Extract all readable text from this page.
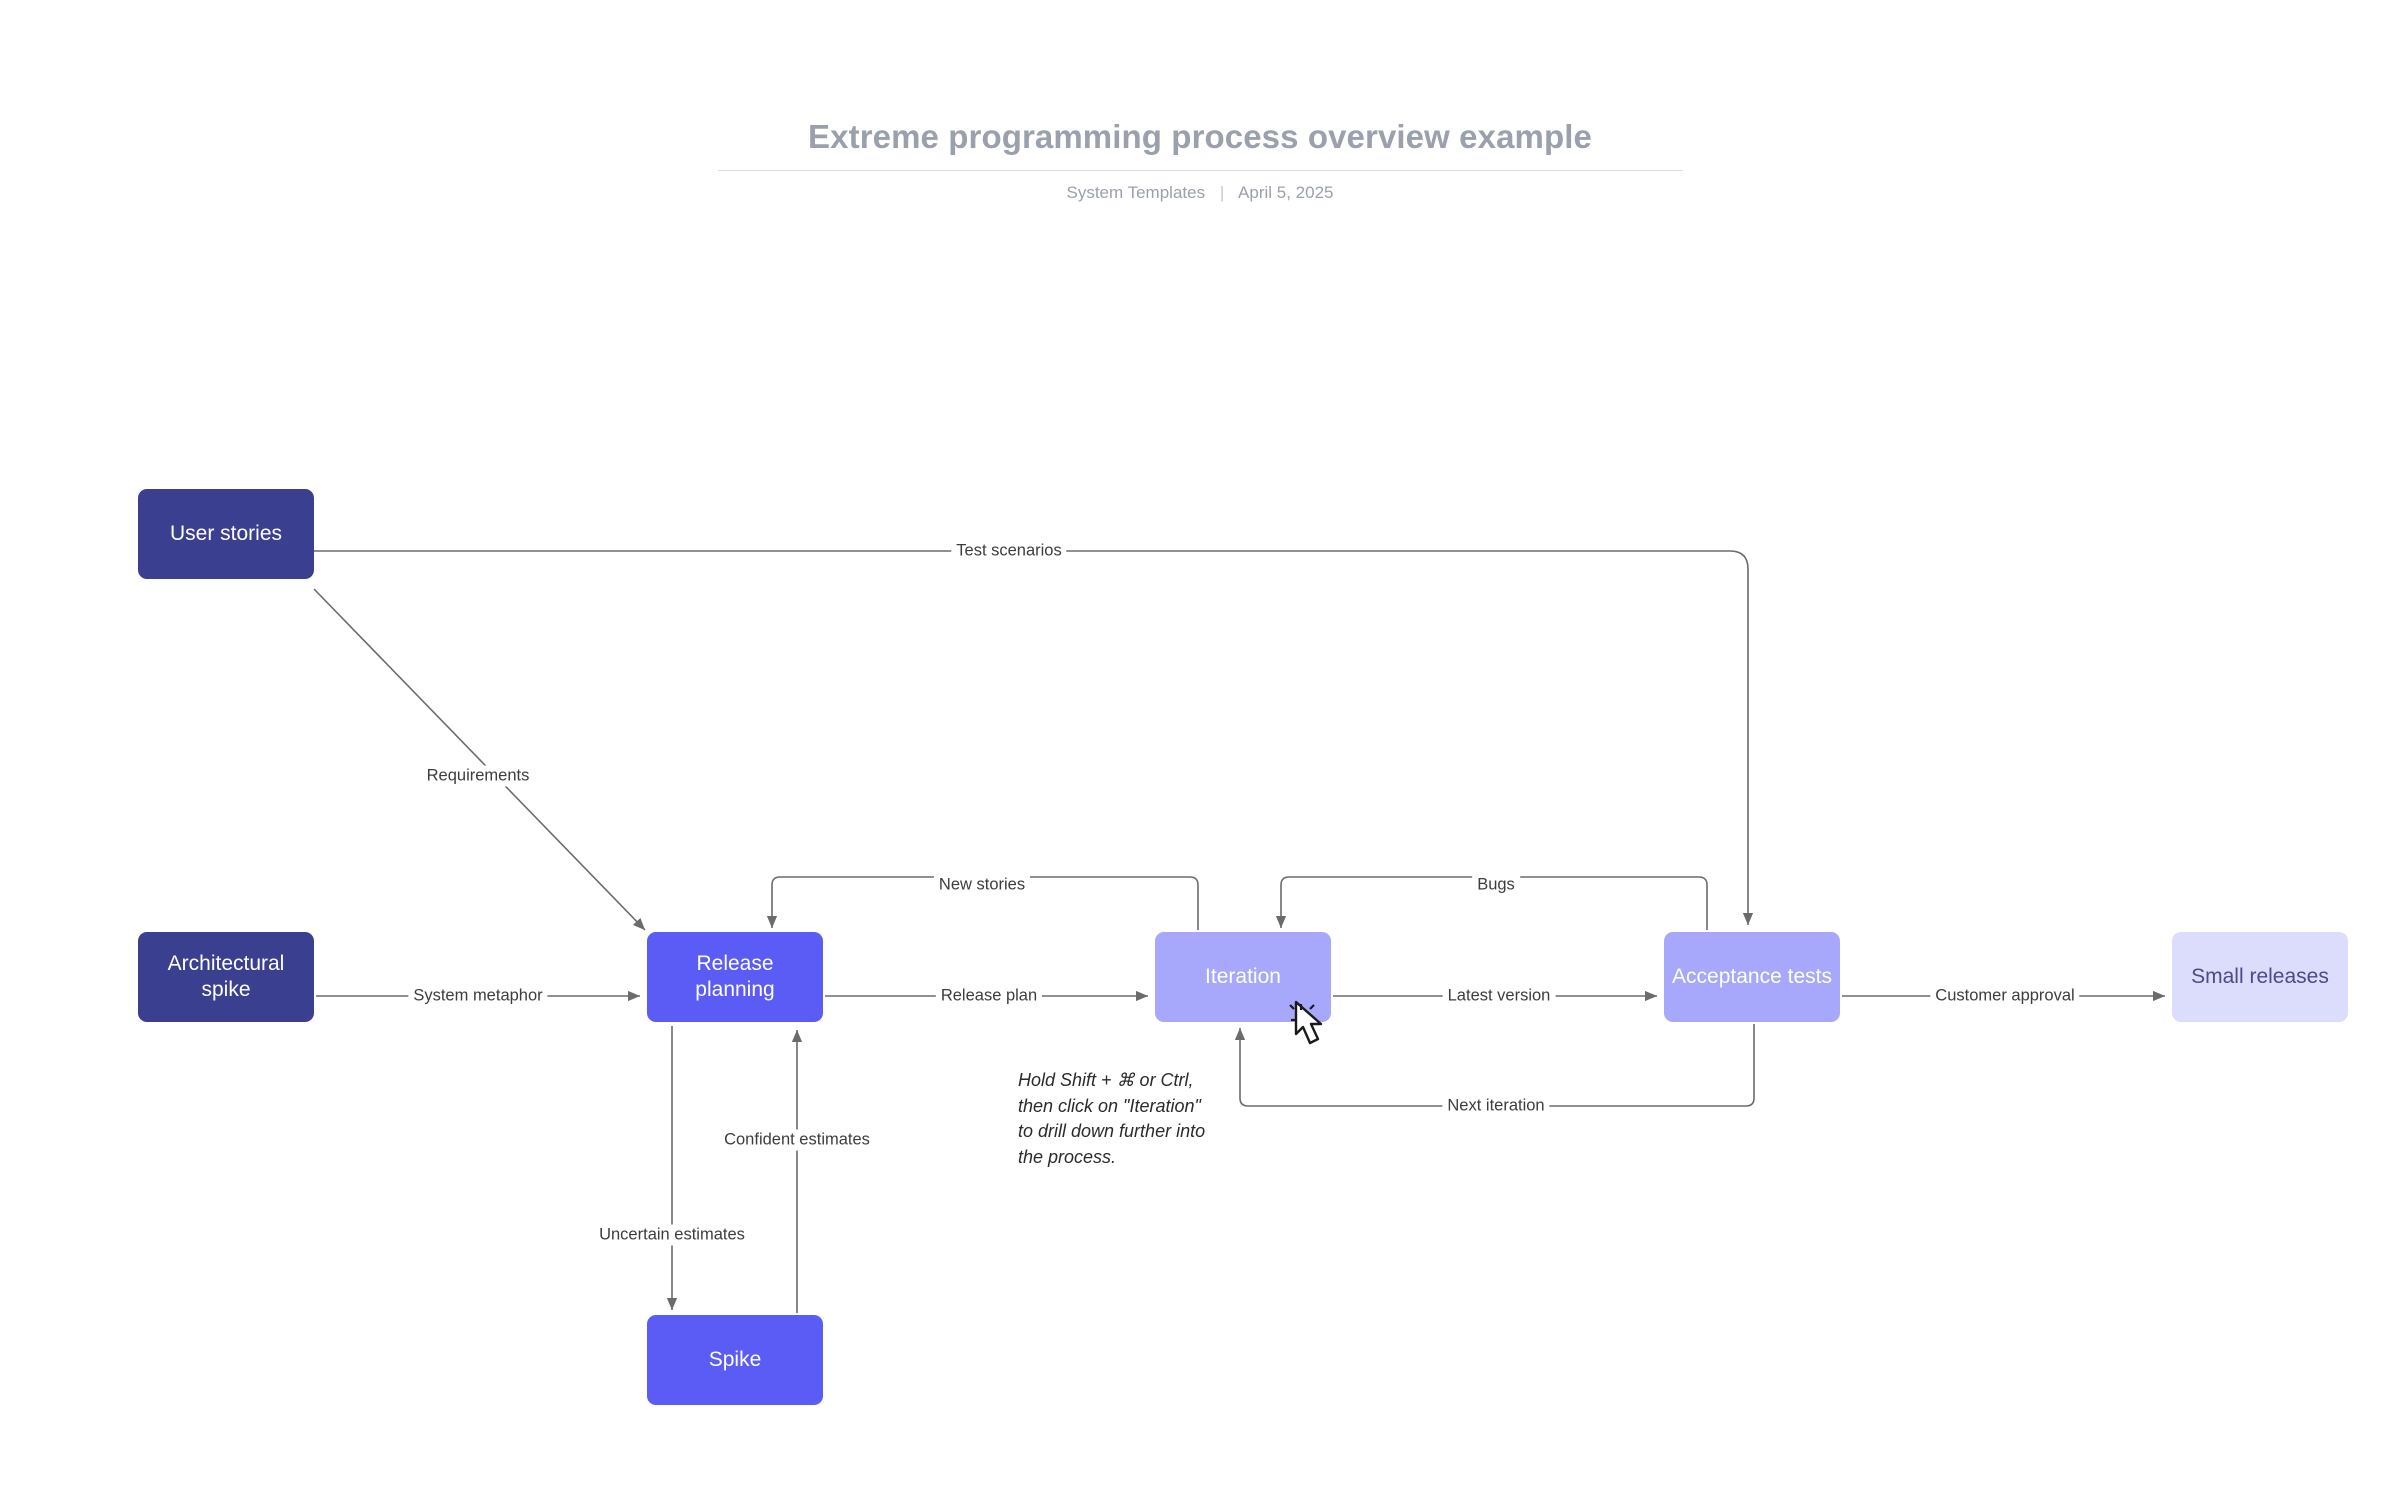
Extreme programming process overview example
System Templates | April 5, 2025
User stories
Architectural spike
Release planning
Spike
Iteration	Acceptance tests	Small releases
Test scenarios
Requirements
System metaphor	Release plan	Latest version	Customer approval
New stories	Bugs
Next iteration
Uncertain estimates
Confident estimates
Hold Shift + ⌘ or Ctrl, then click on "Iteration" to drill down further into the process.
